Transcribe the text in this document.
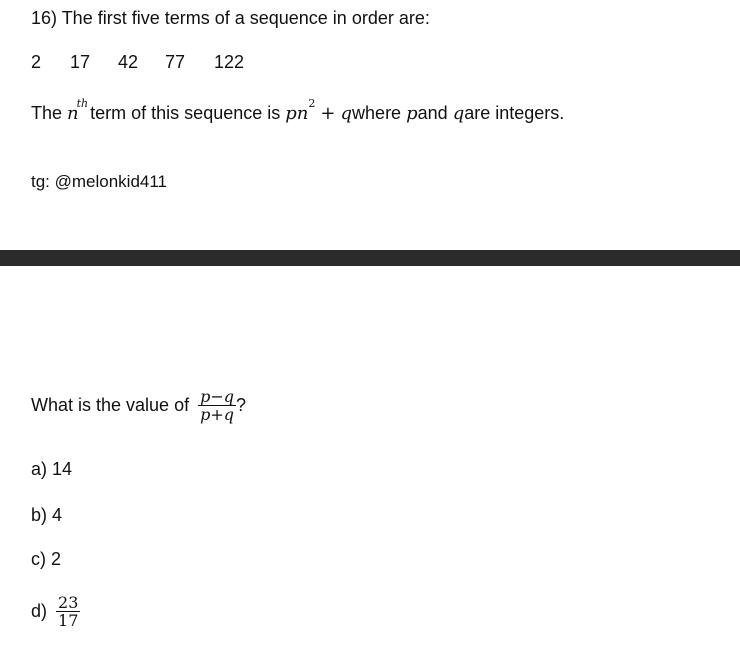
16) The first five terms of a sequence in order are:
2 17 42 77 122
The $n^{th}$ term of this sequence is $pn^2$ + qwhere pand qare integers.
tg: @melonkid411
What is the value of $\frac{p-q}{p+q}$ ?
a) 14
b) 4
c) 2
$d) \frac{23}{17}$
